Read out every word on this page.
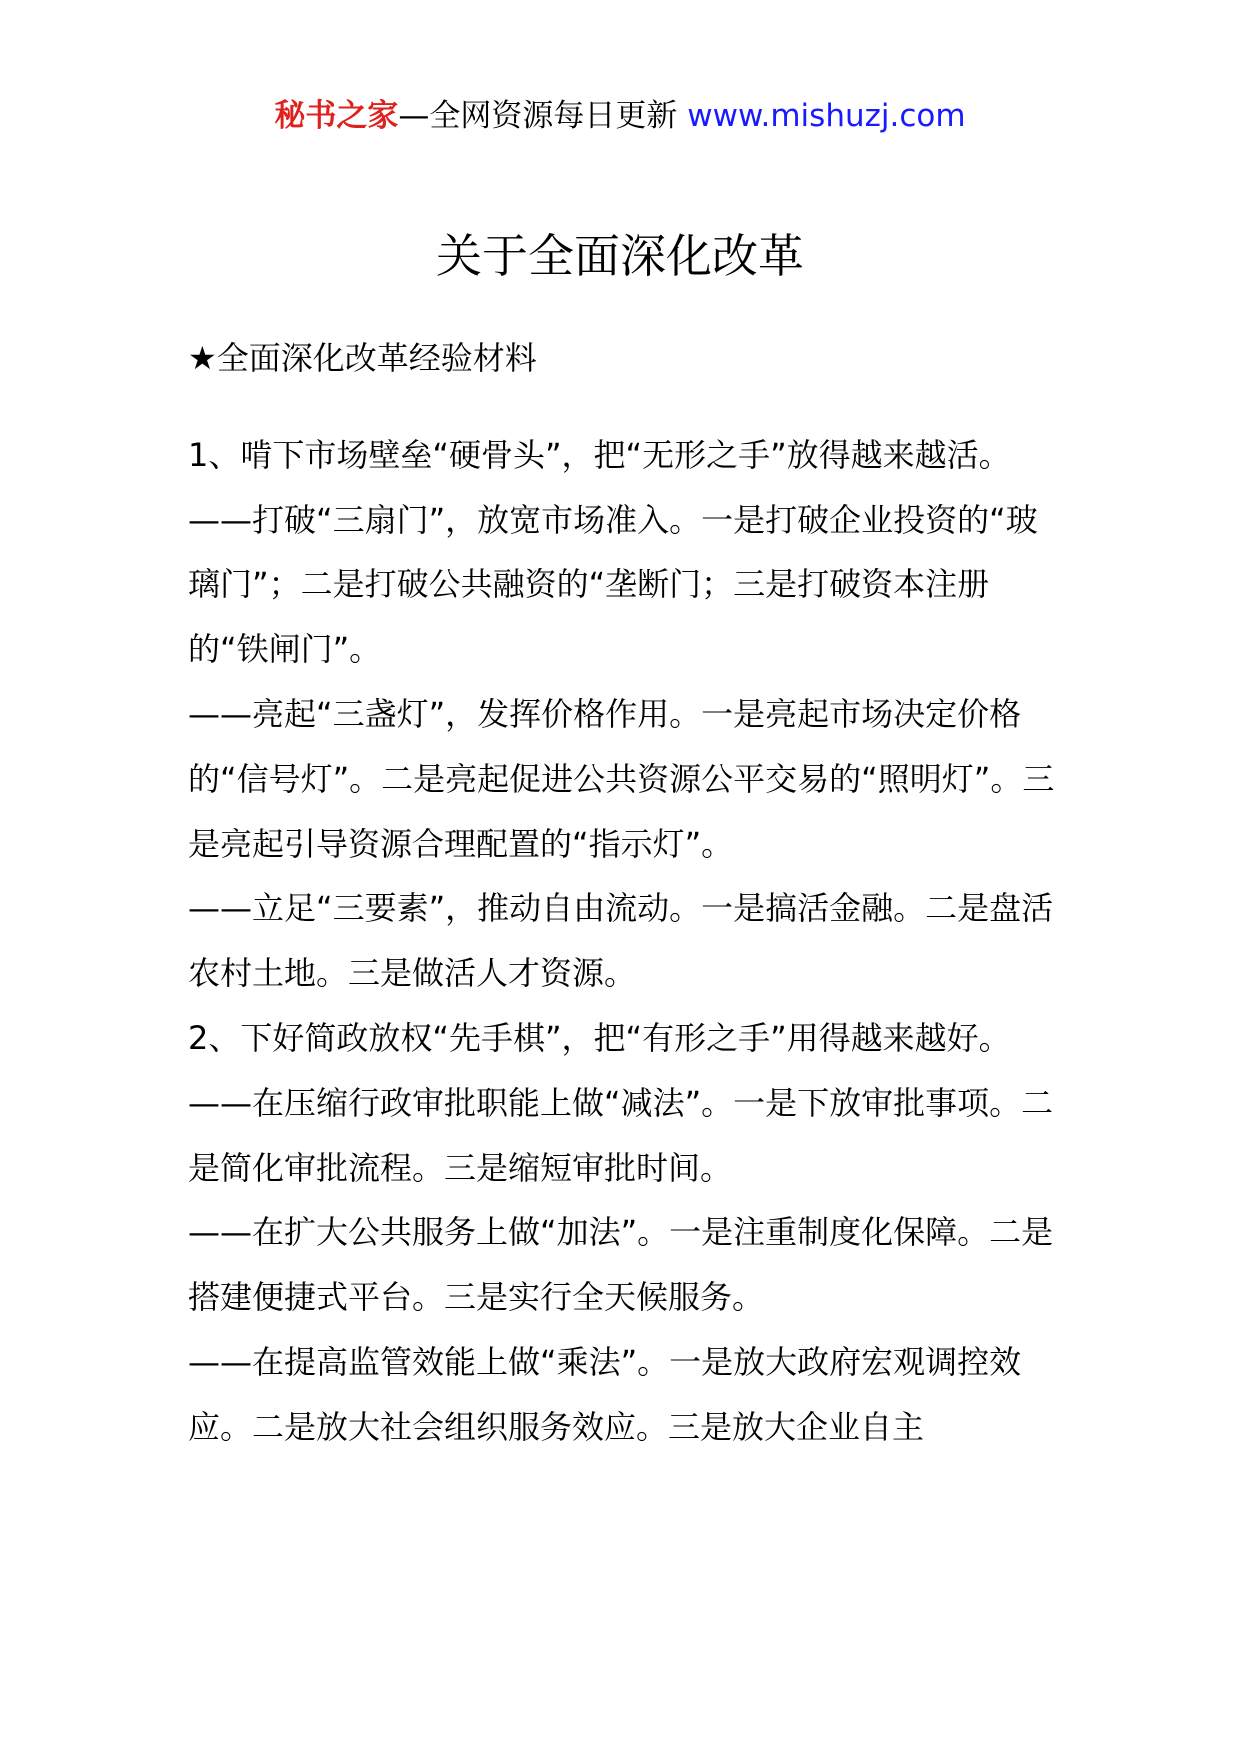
秘书之家—全网资源每日更新 www.mishuzj.com
关于全面深化改革

★全面深化改革经验材料

1、啃下市场壁垒“硬骨头”，把“无形之手”放得越来越活。

——打破“三扇门”，放宽市场准入。一是打破企业投资的“玻璃门”；二是打破公共融资的“垄断门；三是打破资本注册的“铁闸门”。

——亮起“三盏灯”，发挥价格作用。一是亮起市场决定价格的“信号灯”。二是亮起促进公共资源公平交易的“照明灯”。三是亮起引导资源合理配置的“指示灯”。

——立足“三要素”，推动自由流动。一是搞活金融。二是盘活农村土地。三是做活人才资源。

2、下好简政放权“先手棋”，把“有形之手”用得越来越好。

——在压缩行政审批职能上做“减法”。一是下放审批事项。二是简化审批流程。三是缩短审批时间。

——在扩大公共服务上做“加法”。一是注重制度化保障。二是搭建便捷式平台。三是实行全天候服务。

——在提高监管效能上做“乘法”。一是放大政府宏观调控效应。二是放大社会组织服务效应。三是放大企业自主
